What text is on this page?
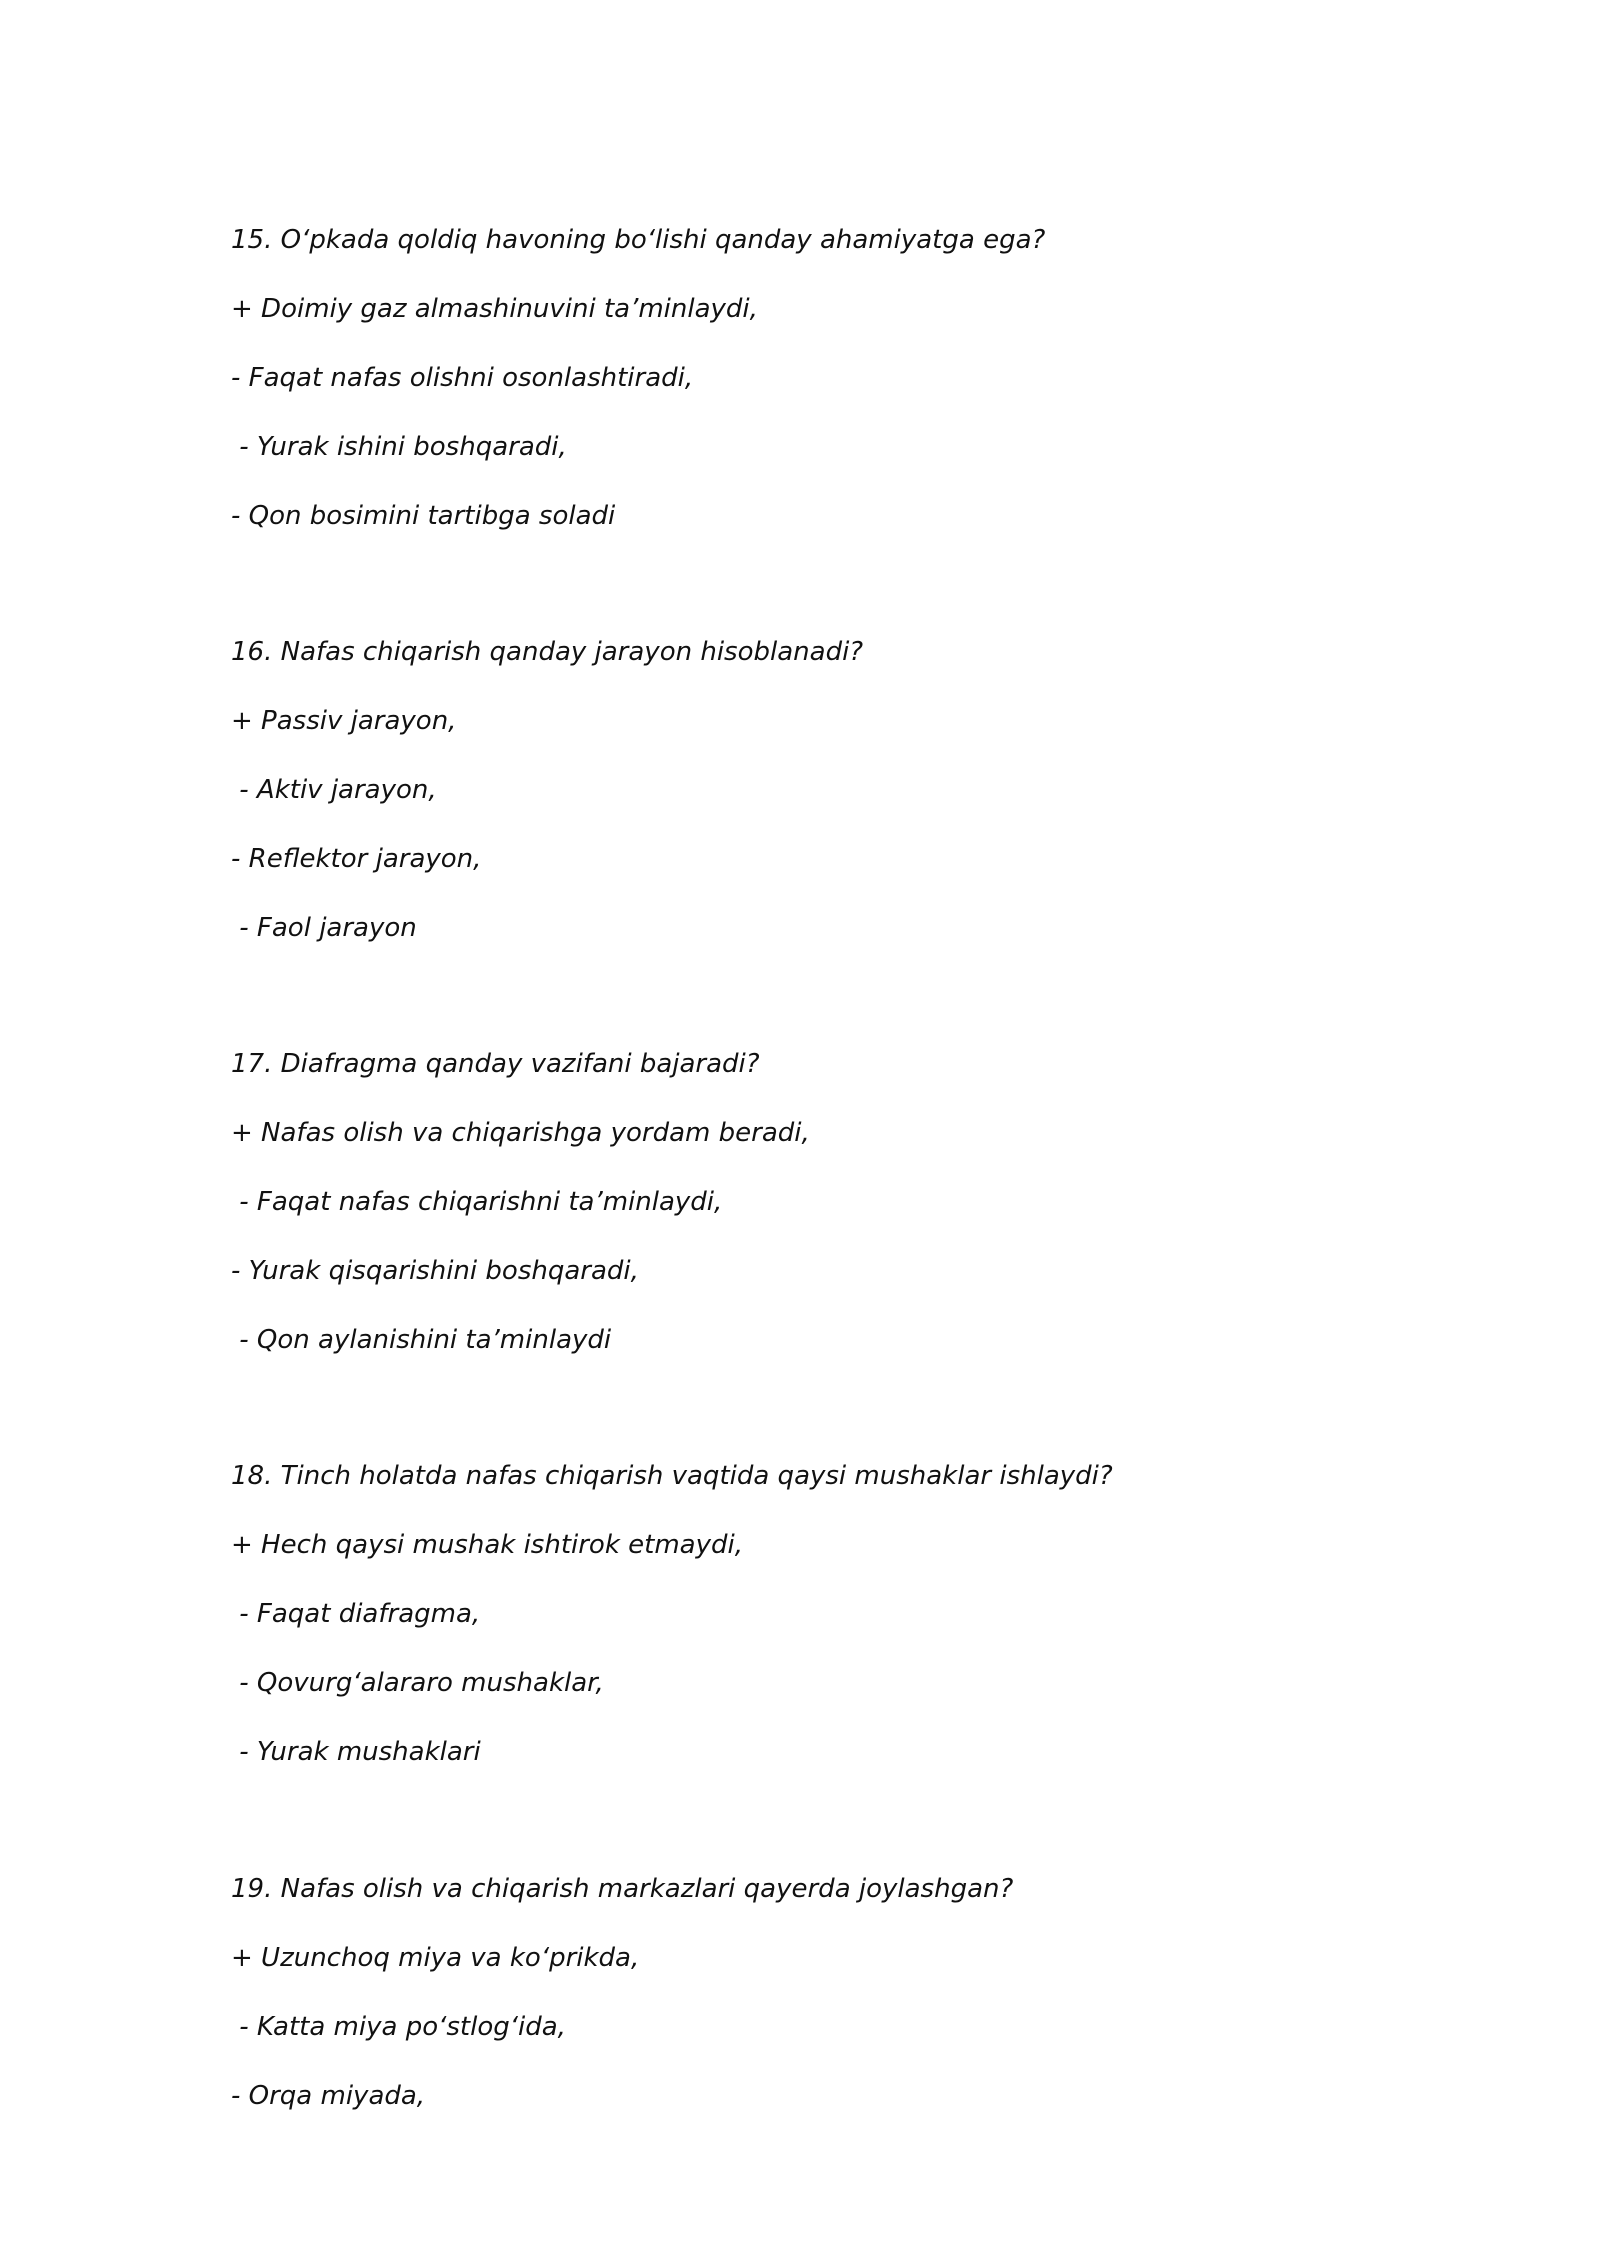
15. O‘pkada qoldiq havoning bo‘lishi qanday ahamiyatga ega?
+ Doimiy gaz almashinuvini ta’minlaydi,
- Faqat nafas olishni osonlashtiradi,
- Yurak ishini boshqaradi,
- Qon bosimini tartibga soladi
16. Nafas chiqarish qanday jarayon hisoblanadi?
+ Passiv jarayon,
- Aktiv jarayon,
- Reflektor jarayon,
- Faol jarayon
17. Diafragma qanday vazifani bajaradi?
+ Nafas olish va chiqarishga yordam beradi,
- Faqat nafas chiqarishni ta’minlaydi,
- Yurak qisqarishini boshqaradi,
- Qon aylanishini ta’minlaydi
18. Tinch holatda nafas chiqarish vaqtida qaysi mushaklar ishlaydi?
+ Hech qaysi mushak ishtirok etmaydi,
- Faqat diafragma,
- Qovurg‘alararo mushaklar,
- Yurak mushaklari
19. Nafas olish va chiqarish markazlari qayerda joylashgan?
+ Uzunchoq miya va ko‘prikda,
- Katta miya po‘stlog‘ida,
- Orqa miyada,
